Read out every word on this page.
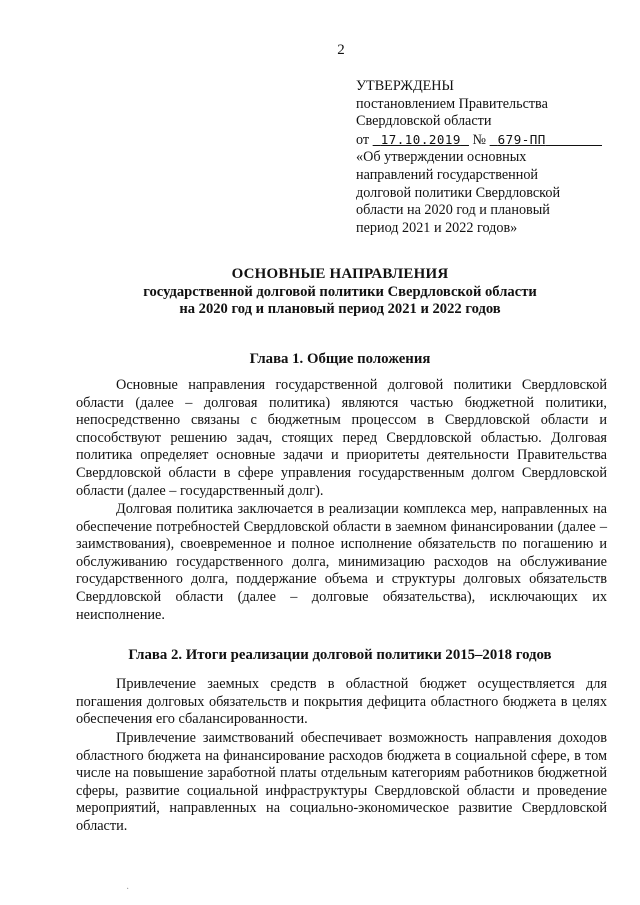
2
УТВЕРЖДЕНЫ
постановлением Правительства
Свердловской области
от 17.10.2019 № 679-ПП
«Об утверждении основных
направлений государственной
долговой политики Свердловской
области на 2020 год и плановый
период 2021 и 2022 годов»
ОСНОВНЫЕ НАПРАВЛЕНИЯ
государственной долговой политики Свердловской области
на 2020 год и плановый период 2021 и 2022 годов
Глава 1. Общие положения

Основные направления государственной долговой политики Свердловской области (далее – долговая политика) являются частью бюджетной политики, непосредственно связаны с бюджетным процессом в Свердловской области и способствуют решению задач, стоящих перед Свердловской областью. Долговая политика определяет основные задачи и приоритеты деятельности Правительства Свердловской области в сфере управления государственным долгом Свердловской области (далее – государственный долг).

Долговая политика заключается в реализации комплекса мер, направленных на обеспечение потребностей Свердловской области в заемном финансировании (далее – заимствования), своевременное и полное исполнение обязательств по погашению и обслуживанию государственного долга, минимизацию расходов на обслуживание государственного долга, поддержание объема и структуры долговых обязательств Свердловской области (далее – долговые обязательства), исключающих их неисполнение.

Глава 2. Итоги реализации долговой политики 2015–2018 годов

Привлечение заемных средств в областной бюджет осуществляется для погашения долговых обязательств и покрытия дефицита областного бюджета в целях обеспечения его сбалансированности.

Привлечение заимствований обеспечивает возможность направления доходов областного бюджета на финансирование расходов бюджета в социальной сфере, в том числе на повышение заработной платы отдельным категориям работников бюджетной сферы, развитие социальной инфраструктуры Свердловской области и проведение мероприятий, направленных на социально-экономическое развитие Свердловской области.

·
